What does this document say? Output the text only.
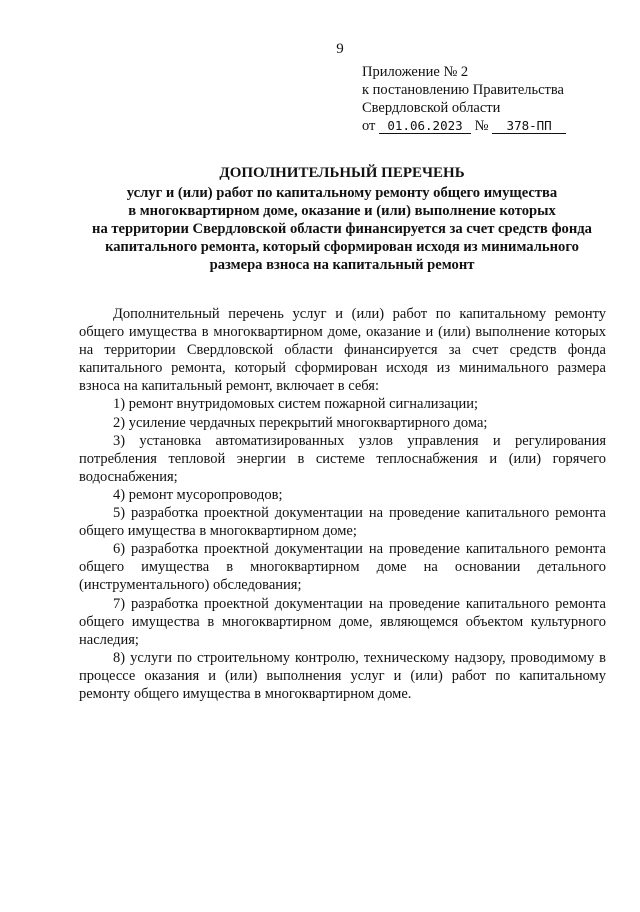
9
Приложение № 2
к постановлению Правительства
Свердловской области
от 01.06.2023 № 378-ПП
ДОПОЛНИТЕЛЬНЫЙ ПЕРЕЧЕНЬ
услуг и (или) работ по капитальному ремонту общего имущества
в многоквартирном доме, оказание и (или) выполнение которых
на территории Свердловской области финансируется за счет средств фонда
капитального ремонта, который сформирован исходя из минимального
размера взноса на капитальный ремонт

Дополнительный перечень услуг и (или) работ по капитальному ремонту общего имущества в многоквартирном доме, оказание и (или) выполнение которых на территории Свердловской области финансируется за счет средств фонда капитального ремонта, который сформирован исходя из минимального размера взноса на капитальный ремонт, включает в себя:

1) ремонт внутридомовых систем пожарной сигнализации;

2) усиление чердачных перекрытий многоквартирного дома;

3) установка автоматизированных узлов управления и регулирования потребления тепловой энергии в системе теплоснабжения и (или) горячего водоснабжения;

4) ремонт мусоропроводов;

5) разработка проектной документации на проведение капитального ремонта общего имущества в многоквартирном доме;

6) разработка проектной документации на проведение капитального ремонта общего имущества в многоквартирном доме на основании детального (инструментального) обследования;

7) разработка проектной документации на проведение капитального ремонта общего имущества в многоквартирном доме, являющемся объектом культурного наследия;

8) услуги по строительному контролю, техническому надзору, проводимому в процессе оказания и (или) выполнения услуг и (или) работ по капитальному ремонту общего имущества в многоквартирном доме.
